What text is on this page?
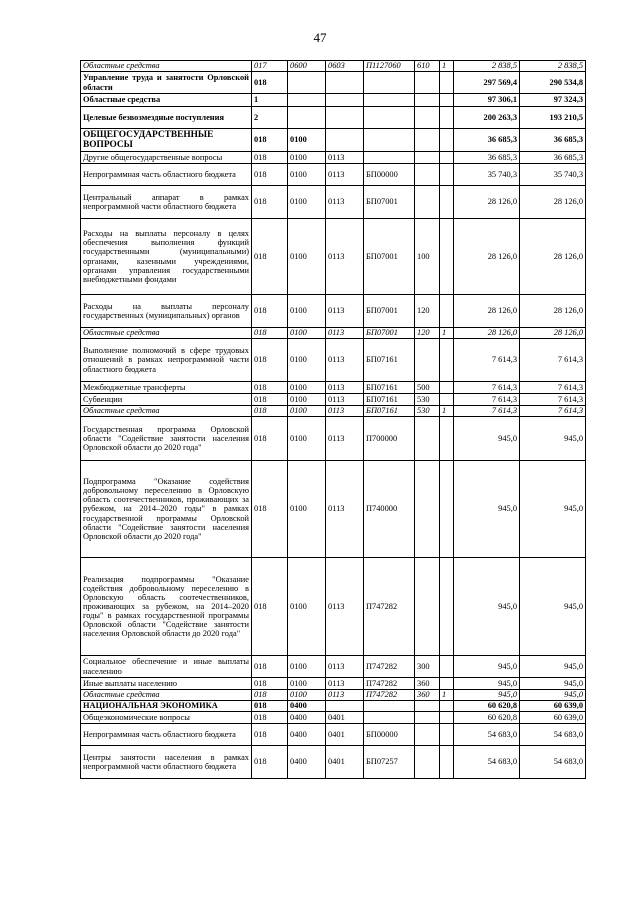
47
Областные средства	017	0600	0603	П1127060	610	1	2 838,5	2 838,5
Управление труда и занятости Орловской области	018						297 569,4	290 534,8
Областные средства	1						97 306,1	97 324,3
Целевые безвозмездные поступления	2						200 263,3	193 210,5
ОБЩЕГОСУДАРСТВЕННЫЕ ВОПРОСЫ	018	0100					36 685,3	36 685,3
Другие общегосударственные вопросы	018	0100	0113				36 685,3	36 685,3
Непрограммная часть областного бюджета	018	0100	0113	БП00000			35 740,3	35 740,3
Центральный аппарат в рамках непрограммной части областного бюджета	018	0100	0113	БП07001			28 126,0	28 126,0
Расходы на выплаты персоналу в целях обеспечения выполнения функций государственными (муниципальными) органами, казенными учреждениями, органами управления государственными внебюджетными фондами	018	0100	0113	БП07001	100		28 126,0	28 126,0
Расходы на выплаты персоналу государственных (муниципальных) органов	018	0100	0113	БП07001	120		28 126,0	28 126,0
Областные средства	018	0100	0113	БП07001	120	1	28 126,0	28 126,0
Выполнение полномочий в сфере трудовых отношений в рамках непрограммной части областного бюджета	018	0100	0113	БП07161			7 614,3	7 614,3
Межбюджетные трансферты	018	0100	0113	БП07161	500		7 614,3	7 614,3
Субвенции	018	0100	0113	БП07161	530		7 614,3	7 614,3
Областные средства	018	0100	0113	БП07161	530	1	7 614,3	7 614,3
Государственная программа Орловской области "Содействие занятости населения Орловской области до 2020 года"	018	0100	0113	П700000			945,0	945,0
Подпрограмма "Оказание содействия добровольному переселению в Орловскую область соотечественников, проживающих за рубежом, на 2014–2020 годы" в рамках государственной программы Орловской области "Содействие занятости населения Орловской области до 2020 года"	018	0100	0113	П740000			945,0	945,0
Реализация подпрограммы "Оказание содействия добровольному переселению в Орловскую область соотечественников, проживающих за рубежом, на 2014–2020 годы" в рамках государственной программы Орловской области "Содействие занятости населения Орловской области до 2020 года"	018	0100	0113	П747282			945,0	945,0
Социальное обеспечение и иные выплаты населению	018	0100	0113	П747282	300		945,0	945,0
Иные выплаты населению	018	0100	0113	П747282	360		945,0	945,0
Областные средства	018	0100	0113	П747282	360	1	945,0	945,0
НАЦИОНАЛЬНАЯ ЭКОНОМИКА	018	0400					60 620,8	60 639,0
Общеэкономические вопросы	018	0400	0401				60 620,8	60 639,0
Непрограммная часть областного бюджета	018	0400	0401	БП00000			54 683,0	54 683,0
Центры занятости населения в рамках непрограммной части областного бюджета	018	0400	0401	БП07257			54 683,0	54 683,0
